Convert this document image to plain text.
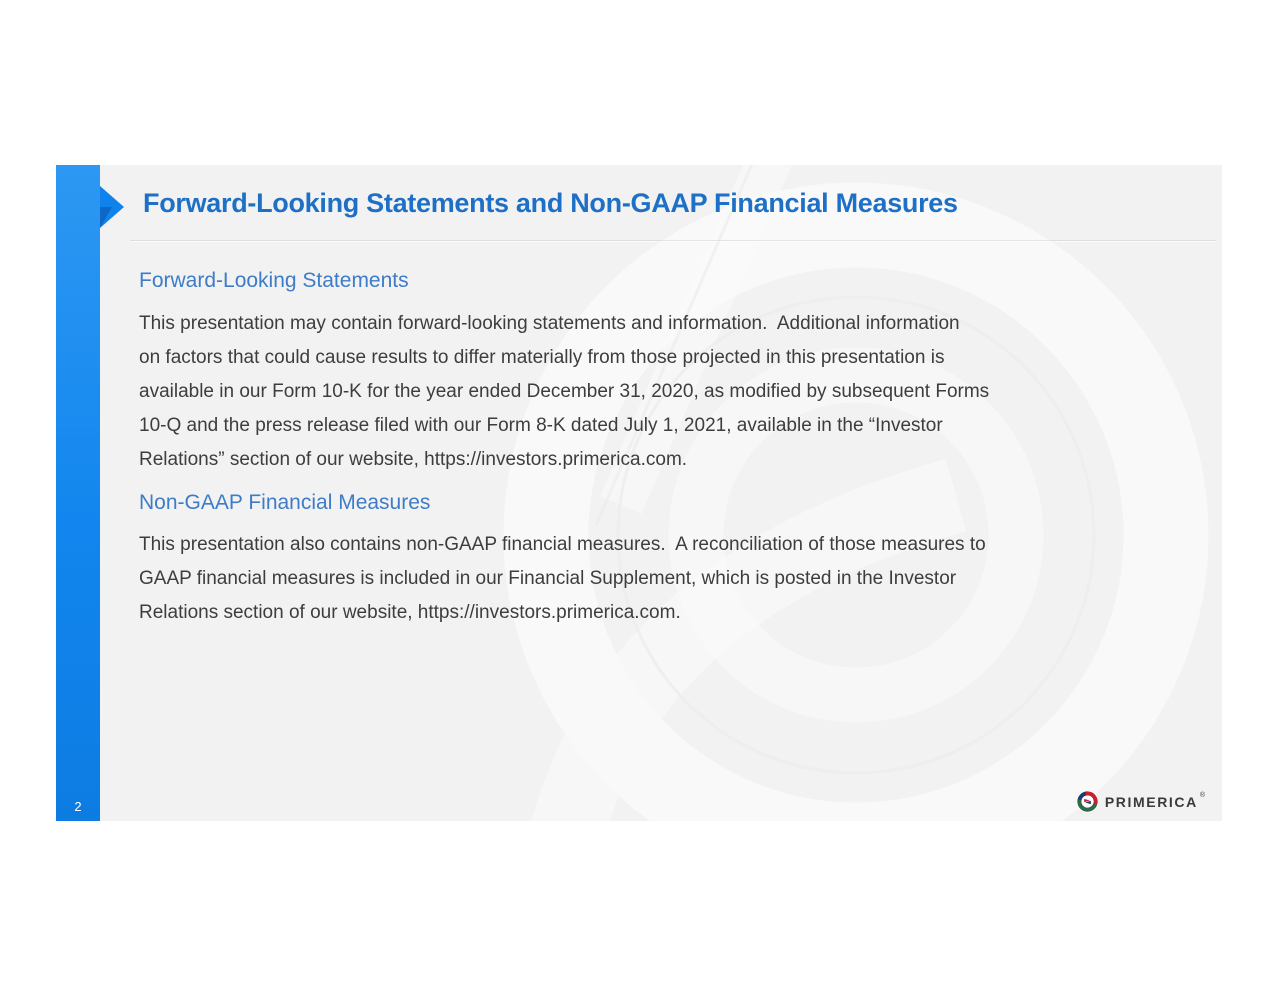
Forward-Looking Statements and Non-GAAP Financial Measures
Forward-Looking Statements
This presentation may contain forward-looking statements and information.  Additional information
on factors that could cause results to differ materially from those projected in this presentation is
available in our Form 10-K for the year ended December 31, 2020, as modified by subsequent Forms
10-Q and the press release filed with our Form 8-K dated July 1, 2021, available in the “Investor
Relations” section of our website, https://investors.primerica.com.
Non-GAAP Financial Measures
This presentation also contains non-GAAP financial measures.  A reconciliation of those measures to
GAAP financial measures is included in our Financial Supplement, which is posted in the Investor
Relations section of our website, https://investors.primerica.com.
2	PRIMERICA ®
